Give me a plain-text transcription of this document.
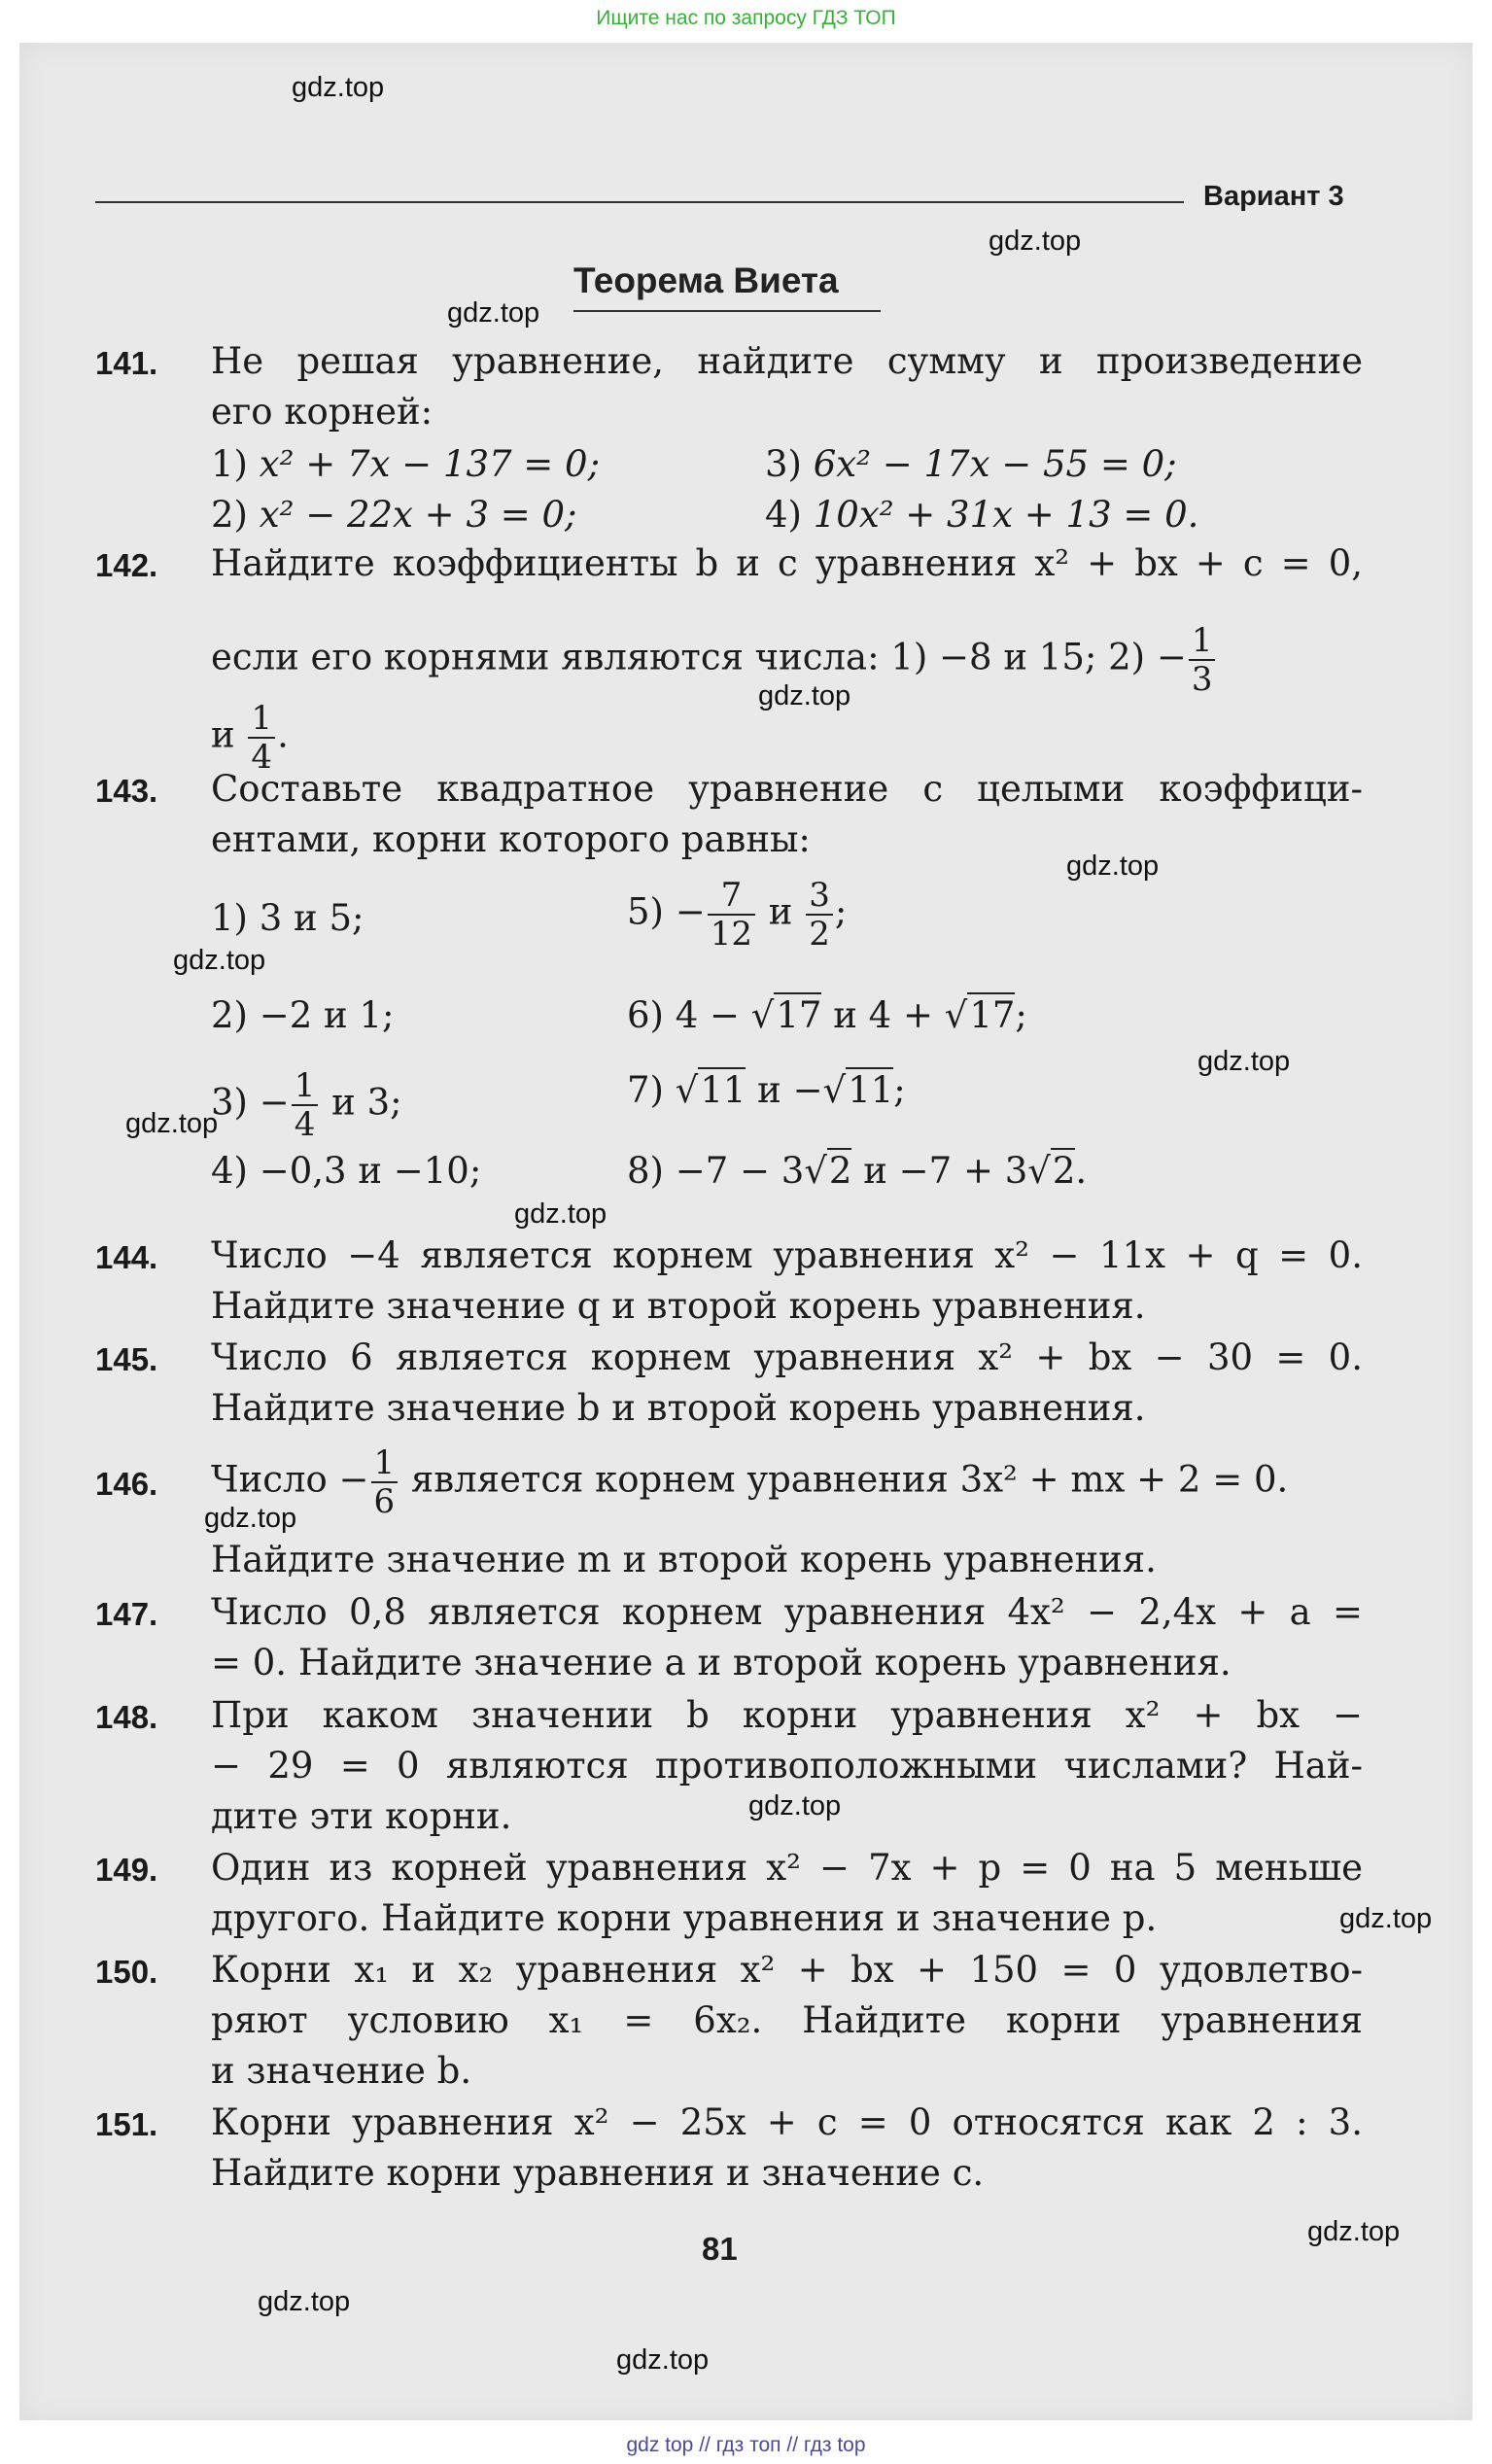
Ищите нас по запросу ГДЗ ТОП
Вариант 3
Теорема Виета
141. Не решая уравнение, найдите сумму и произведение
его корней:
1) x² + 7x − 137 = 0;	3) 6x² − 17x − 55 = 0;
2) x² − 22x + 3 = 0;	4) 10x² + 31x + 13 = 0.
142. Найдите коэффициенты b и c уравнения x² + bx + c = 0,
если его корнями являются числа: 1) −8 и 15; $2) - \frac{1}{3}$
и $\frac{1}{4}$ .
143. Составьте квадратное уравнение с целыми коэффици-
ентами, корни которого равны:
1) 3 и 5;	$5) - \frac{7}{12}$ и $\frac{3}{2}$ ;
2) −2 и 1;	6) 4 − √17 и 4 + √17;
$3) - \frac{1}{4}$ и 3;	7) √11 и −√11;
4) −0,3 и −10;	8) −7 − 3√2 и −7 + 3√2.
144. Число −4 является корнем уравнения x² − 11x + q = 0.
Найдите значение q и второй корень уравнения.
145. Число 6 является корнем уравнения x² + bx − 30 = 0.
Найдите значение b и второй корень уравнения.
146. Число − $\frac{1}{6}$ является корнем уравнения 3x² + mx + 2 = 0.
Найдите значение m и второй корень уравнения.
147. Число 0,8 является корнем уравнения 4x² − 2,4x + a =
= 0. Найдите значение a и второй корень уравнения.
148. При каком значении b корни уравнения x² + bx −
− 29 = 0 являются противоположными числами? Най-
дите эти корни.
149. Один из корней уравнения x² − 7x + p = 0 на 5 меньше
другого. Найдите корни уравнения и значение p.
150. Корни x₁ и x₂ уравнения x² + bx + 150 = 0 удовлетво-
ряют условию x₁ = 6x₂. Найдите корни уравнения
и значение b.
151. Корни уравнения x² − 25x + c = 0 относятся как 2 : 3.
Найдите корни уравнения и значение c.
81
gdz.top
gdz.top
gdz.top
gdz.top
gdz.top
gdz.top
gdz.top
gdz.top
gdz.top
gdz.top
gdz.top
gdz.top
gdz.top
gdz.top
gdz.top
gdz top // гдз топ // гдз top
